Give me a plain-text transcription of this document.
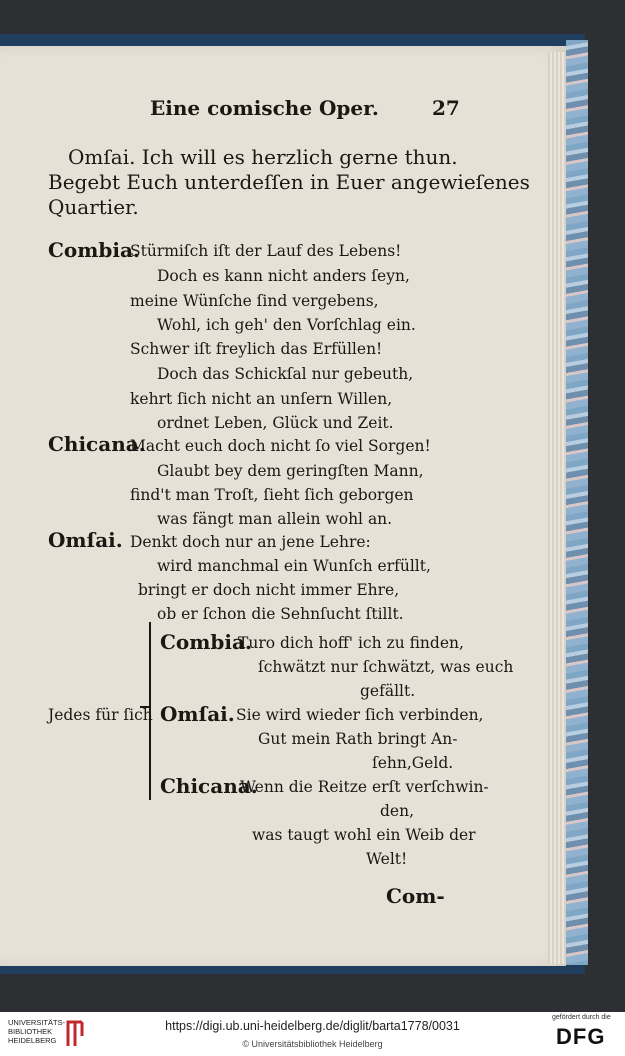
Eine comische Oper.	27
Omſai. Ich will es herzlich gerne thun.
Begebt Euch unterdeſſen in Euer angewieſenes
Quartier.
Combia.
Stürmiſch iſt der Lauf des Lebens!
Doch es kann nicht anders ſeyn,
meine Wünſche ſind vergebens,
Wohl, ich geh' den Vorſchlag ein.
Schwer iſt freylich das Erfüllen!
Doch das Schickſal nur gebeuth,
kehrt ſich nicht an unſern Willen,
ordnet Leben, Glück und Zeit.
Chicana.
Macht euch doch nicht ſo viel Sorgen!
Glaubt bey dem geringſten Mann,
find't man Troſt, ſieht ſich geborgen
was fängt man allein wohl an.
Omſai. Denkt doch nur an jene Lehre:
wird manchmal ein Wunſch erfüllt,
bringt er doch nicht immer Ehre,
ob er ſchon die Sehnſucht ſtillt.
Combia.
Turo dich hoff' ich zu finden,
ſchwätzt nur ſchwätzt, was euch
gefällt.
Jedes für ſich Omſai. Sie wird wieder ſich verbinden,
Gut mein Rath bringt An-
ſehn,Geld.
Chicana.
Wenn die Reitze erſt verſchwin-
den,
was taugt wohl ein Weib der
Welt!
Com-
UNIVERSITÄTS-
BIBLIOTHEK
HEIDELBERG
https://digi.ub.uni-heidelberg.de/diglit/barta1778/0031
© Universitätsbibliothek Heidelberg
gefördert durch die
DFG
